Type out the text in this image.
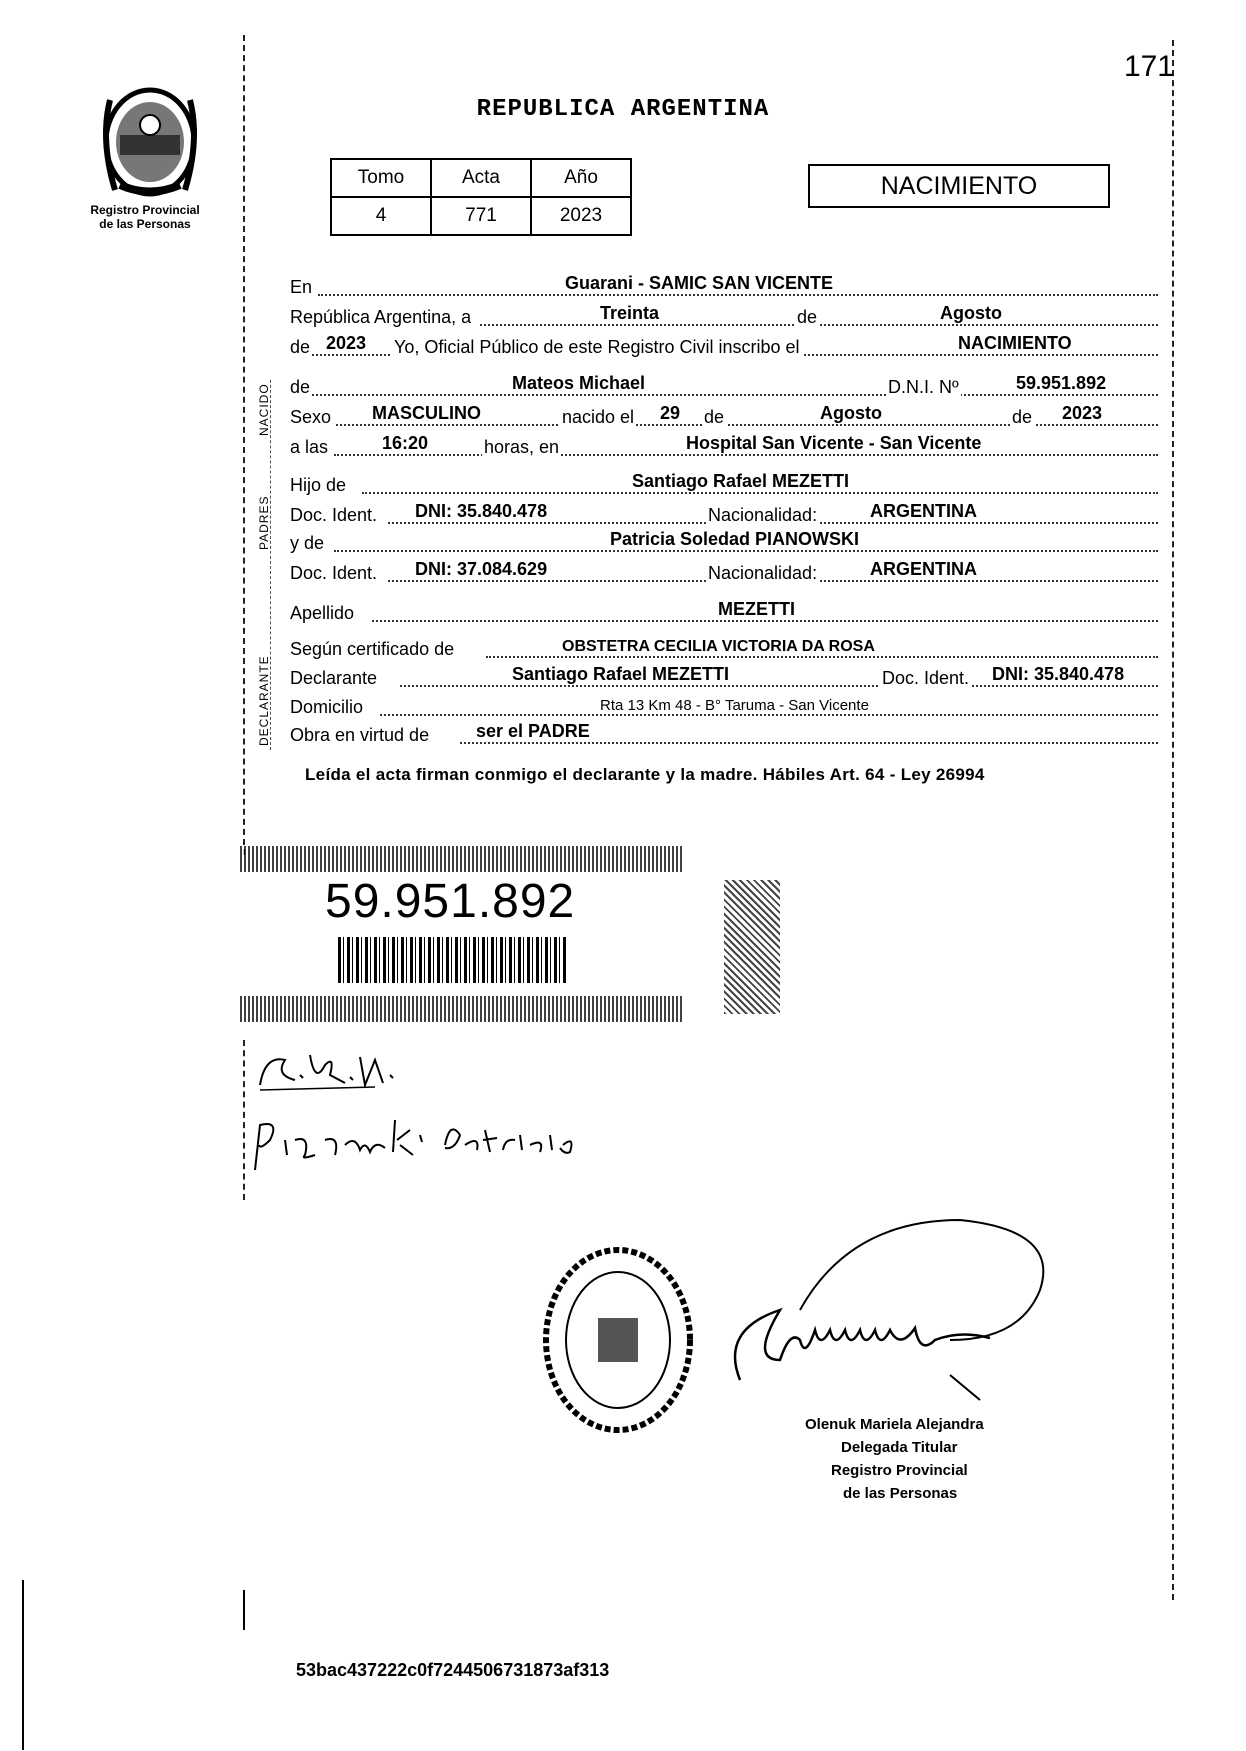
Registro Provincial
de las Personas
171
REPUBLICA ARGENTINA
Tomo	Acta	Año
4	771	2023
NACIMIENTO
NACIDO
PADRES
DECLARANTE
En	Guarani - SAMIC SAN VICENTE
República Argentina, a	Treinta	de	Agosto
de 2023 Yo, Oficial Público de este Registro Civil inscribo el	NACIMIENTO
de	Mateos Michael	D.N.I. Nº	59.951.892
Sexo MASCULINO	nacido el 29 de	Agosto	de 2023
a las	16:20	horas, en	Hospital San Vicente - San Vicente
Hijo de	Santiago Rafael MEZETTI
Doc. Ident. DNI: 35.840.478	Nacionalidad:	ARGENTINA
y de	Patricia Soledad PIANOWSKI
Doc. Ident. DNI: 37.084.629	Nacionalidad:	ARGENTINA
Apellido	MEZETTI
Según certificado de	OBSTETRA CECILIA VICTORIA DA ROSA
Declarante	Santiago Rafael MEZETTI	Doc. Ident. DNI: 35.840.478
Domicilio	Rta 13 Km 48 - B° Taruma - San Vicente
Obra en virtud de	ser el PADRE
Leída el acta firman conmigo el declarante y la madre. Hábiles Art. 64 - Ley 26994
59.951.892
Olenuk Mariela Alejandra
Delegada Titular
Registro Provincial
de las Personas
53bac437222c0f7244506731873af313
